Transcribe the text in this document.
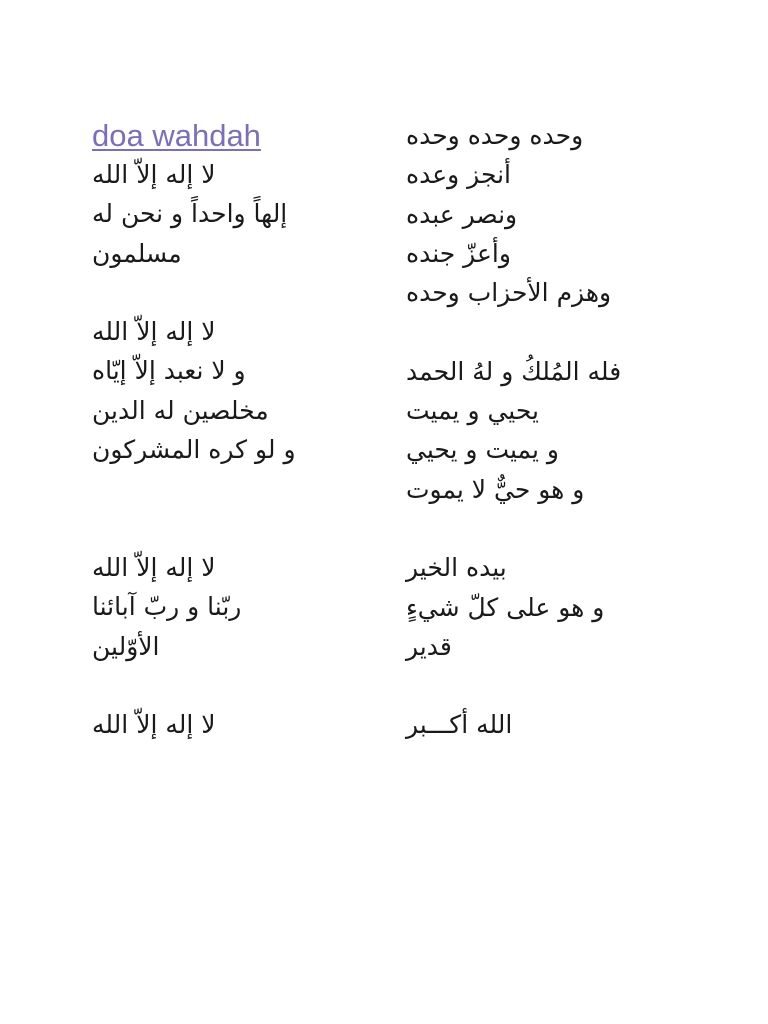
doa wahdah
لا إله إلاّ الله
إلهاً واحداً و نحن له
مسلمون
لا إله إلاّ الله
و لا نعبد إلاّ إيّاه
مخلصين له الدين
و لو كره المشركون
لا إله إلاّ الله
ربّنا و ربّ آبائنا
الأوّلين
لا إله إلاّ الله
وحده وحده وحده
أنجز وعده
ونصر عبده
وأعزّ جنده
وهزم الأحزاب وحده
فله المُلكُ و لهُ الحمد
يحيي و يميت
و يميت و يحيي
و هو حيٌّ لا يموت
بيده الخير
و هو على كلّ شيءٍ
قدير
الله أكـــبر
